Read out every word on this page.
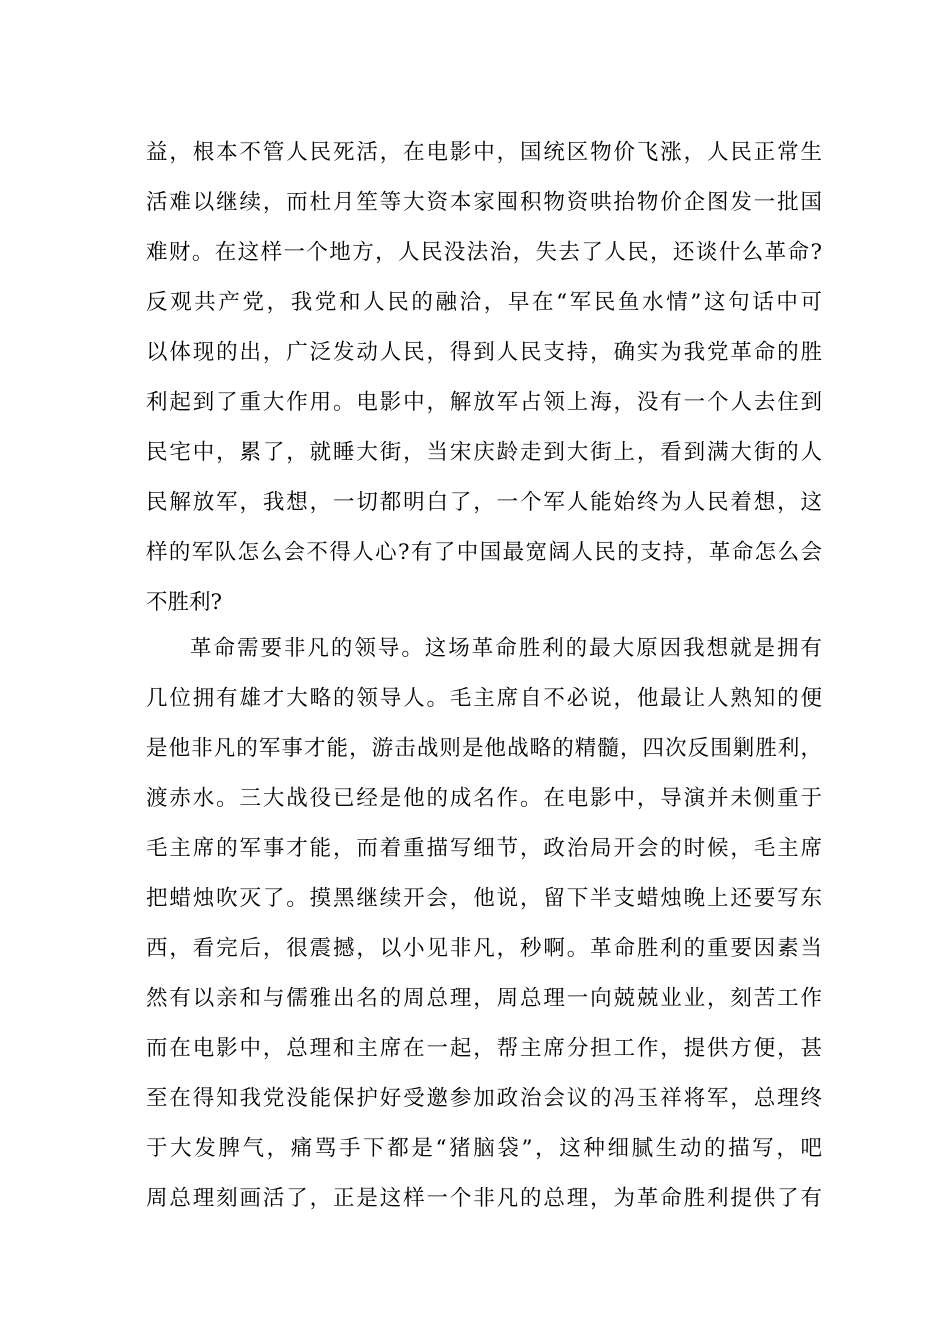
益，根本不管人民死活，在电影中，国统区物价飞涨，人民正常生
活难以继续，而杜月笙等大资本家囤积物资哄抬物价企图发一批国
难财。在这样一个地方，人民没法治，失去了人民，还谈什么革命?
反观共产党，我党和人民的融洽，早在“军民鱼水情”这句话中可
以体现的出，广泛发动人民，得到人民支持，确实为我党革命的胜
利起到了重大作用。电影中，解放军占领上海，没有一个人去住到
民宅中，累了，就睡大街，当宋庆龄走到大街上，看到满大街的人
民解放军，我想，一切都明白了，一个军人能始终为人民着想，这
样的军队怎么会不得人心?有了中国最宽阔人民的支持，革命怎么会
不胜利?
革命需要非凡的领导。这场革命胜利的最大原因我想就是拥有
几位拥有雄才大略的领导人。毛主席自不必说，他最让人熟知的便
是他非凡的军事才能，游击战则是他战略的精髓，四次反围剿胜利，
渡赤水。三大战役已经是他的成名作。在电影中，导演并未侧重于
毛主席的军事才能，而着重描写细节，政治局开会的时候，毛主席
把蜡烛吹灭了。摸黑继续开会，他说，留下半支蜡烛晚上还要写东
西，看完后，很震撼，以小见非凡，秒啊。革命胜利的重要因素当
然有以亲和与儒雅出名的周总理，周总理一向兢兢业业，刻苦工作
而在电影中，总理和主席在一起，帮主席分担工作，提供方便，甚
至在得知我党没能保护好受邀参加政治会议的冯玉祥将军，总理终
于大发脾气，痛骂手下都是“猪脑袋”，这种细腻生动的描写，吧
周总理刻画活了，正是这样一个非凡的总理，为革命胜利提供了有
